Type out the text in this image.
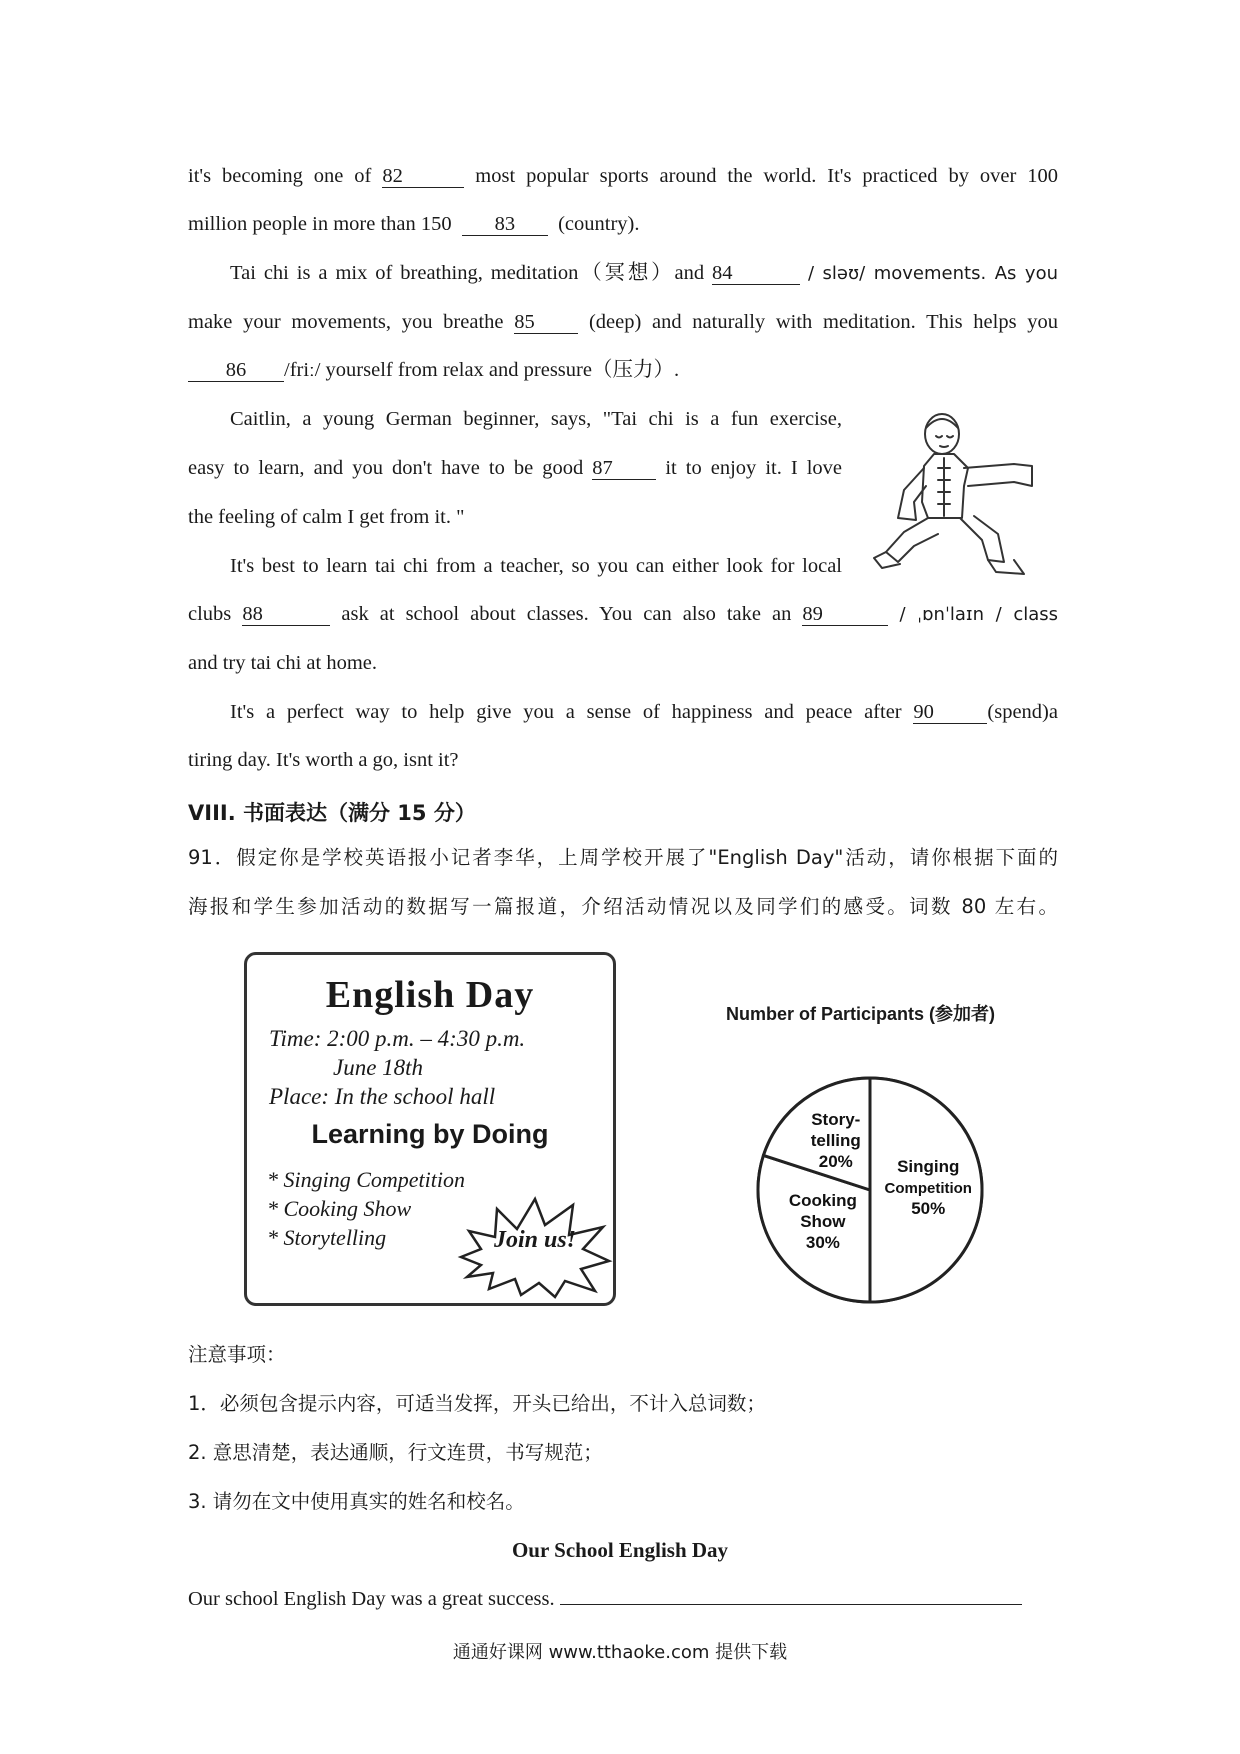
it's becoming one of 82	most popular sports around the world. It's practiced by over 100
million people in more than 150 83 (country).
Tai chi is a mix of breathing, meditation（冥想）and 84	/ sləʊ/ movements. As you
make your movements, you breathe 85	(deep) and naturally with meditation. This helps you
86 /friː/ yourself from relax and pressure（压力）.
Caitlin, a young German beginner, says, "Tai chi is a fun exercise,
easy to learn, and you don't have to be good 87	it to enjoy it. I love
the feeling of calm I get from it. "
It's best to learn tai chi from a teacher, so you can either look for local
clubs 88	ask at school about classes. You can also take an 89	/ ˌɒnˈlaɪn / class
and try tai chi at home.
It's a perfect way to help give you a sense of happiness and peace after 90	(spend)a
tiring day. It's worth a go, isnt it?
VIII. 书面表达（满分 15 分）
91．假定你是学校英语报小记者李华，上周学校开展了"English Day"活动，请你根据下面的
海报和学生参加活动的数据写一篇报道，介绍活动情况以及同学们的感受。词数 80 左右。
English Day
Time: 2:00 p.m. – 4:30 p.m.
June 18th
Place: In the school hall
Learning by Doing
* Singing Competition
* Cooking Show
* Storytelling	Join us!
Number of Participants (参加者)
Singing
Competition
50%
Cooking
Show
30%
Story-
telling
20%
注意事项：
1．必须包含提示内容，可适当发挥，开头已给出，不计入总词数；
2. 意思清楚，表达通顺，行文连贯，书写规范；
3. 请勿在文中使用真实的姓名和校名。
Our School English Day
Our school English Day was a great success.
通通好课网 www.tthaoke.com 提供下载
